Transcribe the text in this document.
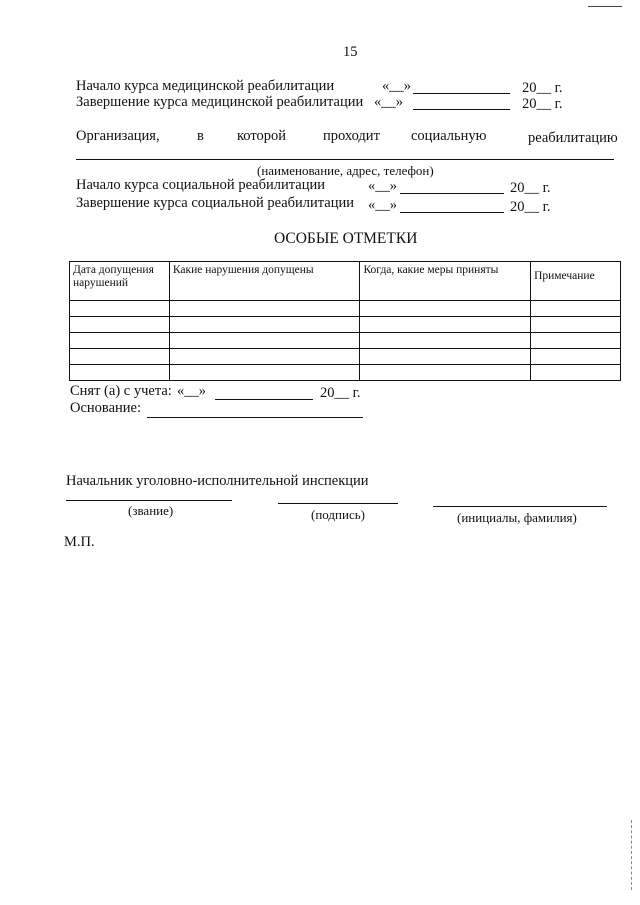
15
Начало курса медицинской реабилитации	«__»	20__ г.
Завершение курса медицинской реабилитации «__»	20__ г.
Организация,	в которой	проходит социальную	реабилитацию
(наименование, адрес, телефон)
Начало курса социальной реабилитации	«__»	20__ г.
Завершение курса социальной реабилитации «__»	20__ г.
ОСОБЫЕ ОТМЕТКИ
Дата допущения нарушений	Какие нарушения допущены	Когда, какие меры приняты	Примечание

Снят (а) с учета: «__»	20__ г.
Основание:
Начальник уголовно-исполнительной инспекции
(звание)	(подпись)	(инициалы, фамилия)
М.П.
